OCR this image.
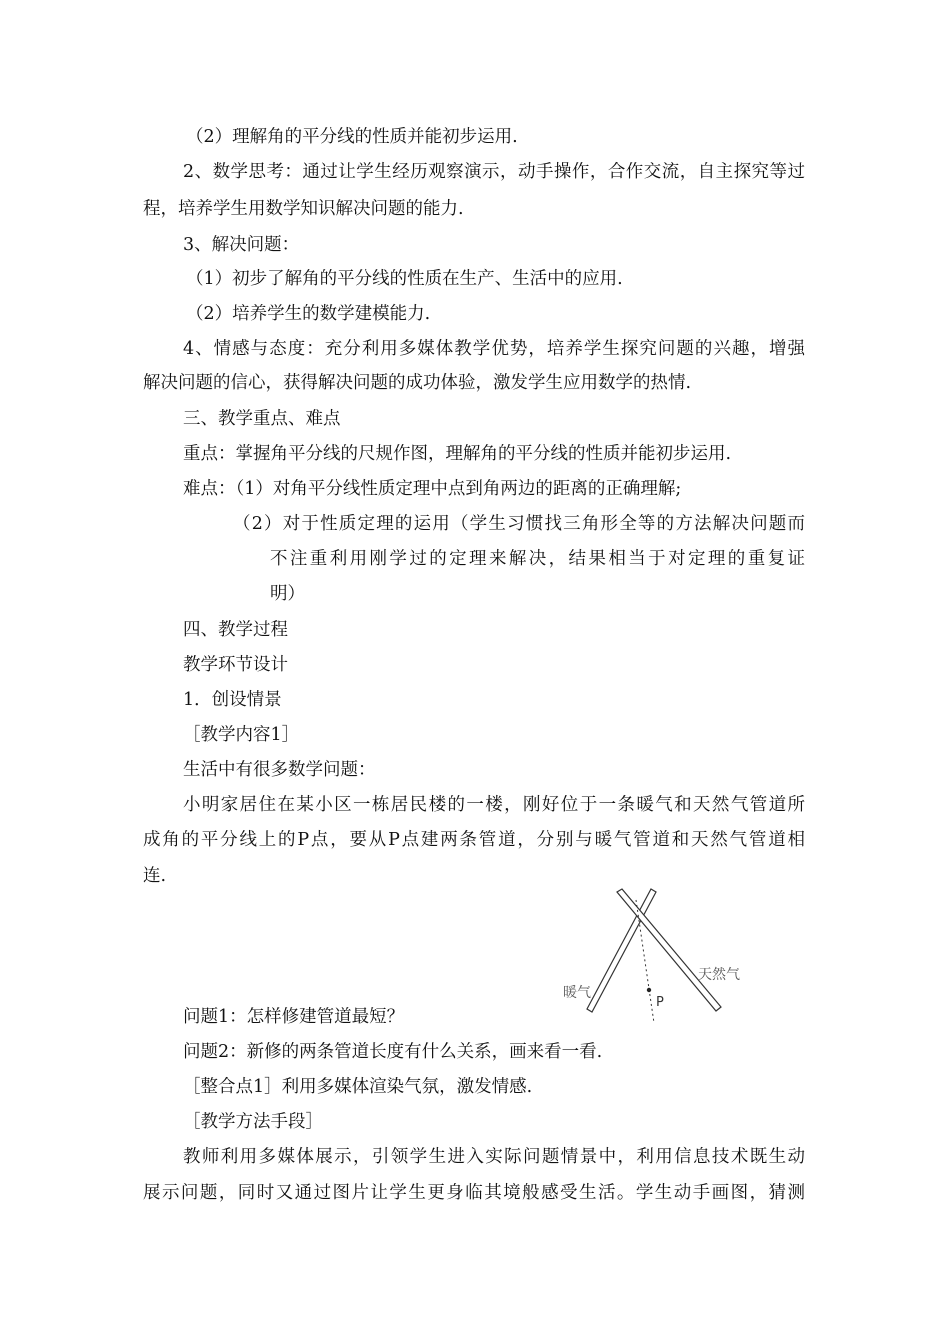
（2）理解角的平分线的性质并能初步运用.
2、数学思考：通过让学生经历观察演示，动手操作，合作交流，自主探究等过
程，培养学生用数学知识解决问题的能力.
3、解决问题：
（1）初步了解角的平分线的性质在生产、生活中的应用.
（2）培养学生的数学建模能力.
4、情感与态度：充分利用多媒体教学优势，培养学生探究问题的兴趣，增强
解决问题的信心，获得解决问题的成功体验，激发学生应用数学的热情.
三、教学重点、难点
重点：掌握角平分线的尺规作图，理解角的平分线的性质并能初步运用.
难点：（1）对角平分线性质定理中点到角两边的距离的正确理解;
（2）对于性质定理的运用（学生习惯找三角形全等的方法解决问题而
不注重利用刚学过的定理来解决，结果相当于对定理的重复证
明）
四、教学过程
教学环节设计
1．创设情景
［教学内容1］
生活中有很多数学问题：
小明家居住在某小区一栋居民楼的一楼，刚好位于一条暖气和天然气管道所
成角的平分线上的P点，要从P点建两条管道，分别与暖气管道和天然气管道相
连.
暖气
天然气
P
问题1：怎样修建管道最短？
问题2：新修的两条管道长度有什么关系，画来看一看.
［整合点1］利用多媒体渲染气氛，激发情感.
［教学方法手段］
教师利用多媒体展示，引领学生进入实际问题情景中，利用信息技术既生动
展示问题，同时又通过图片让学生更身临其境般感受生活。学生动手画图，猜测
